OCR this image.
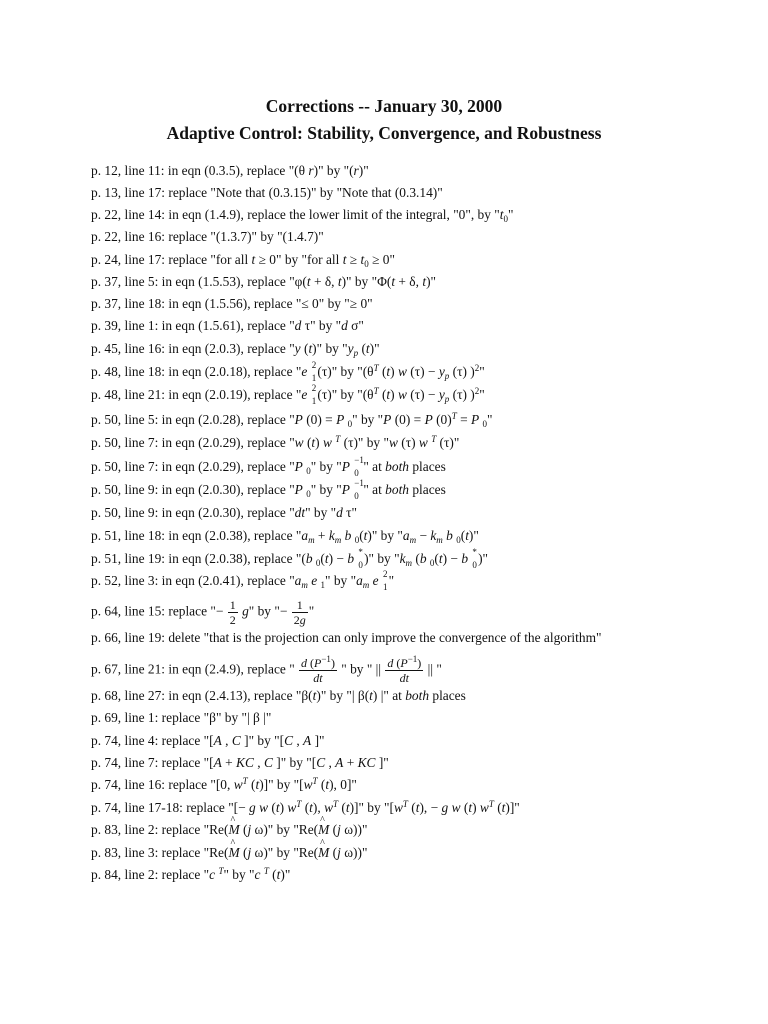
Corrections -- January 30, 2000
Adaptive Control: Stability, Convergence, and Robustness
p. 12, line 11: in eqn (0.3.5), replace "(θ r)" by "(r)"
p. 13, line 17: replace "Note that (0.3.15)" by "Note that (0.3.14)"
p. 22, line 14: in eqn (1.4.9), replace the lower limit of the integral, "0", by "$t_0$"
p. 22, line 16: replace "(1.3.7)" by "(1.4.7)"
p. 24, line 17: replace "for all t ≥ 0" by "for all $t \ge t_0 \ge 0$"
p. 37, line 5: in eqn (1.5.53), replace "φ(t + δ, t)" by "Φ(t + δ, t)"
p. 37, line 18: in eqn (1.5.56), replace "≤ 0" by "≥ 0"
p. 39, line 1: in eqn (1.5.61), replace "d τ" by "d σ"
p. 45, line 16: in eqn (2.0.3), replace "y (t)" by "$y_p$ (t)"
p. 48, line 18: in eqn (2.0.18), replace "e 2
1 (τ)" by "($\theta^T$ (t) w $(\tau) - y_p$ (τ) )$^2$"
p. 48, line 21: in eqn (2.0.19), replace "e 2
1 (τ)" by "($\theta^T$ (t) w $(\tau) - y_p$ (τ) )$^2$"
p. 50, line 5: in eqn (2.0.28), replace "P (0) = P $_0$" by "P (0) = P $(0)^T = P$ $_0$"
p. 50, line 7: in eqn (2.0.29), replace "w (t) w $^T$ (τ)" by "w (τ) w $^T$ (τ)"
p. 50, line 7: in eqn (2.0.29), replace "P $_0$" by "P −1
0 " at both places
p. 50, line 9: in eqn (2.0.30), replace "P $_0$" by "P −1
0 " at both places
p. 50, line 9: in eqn (2.0.30), replace "dt" by "d τ"
p. 51, line 18: in eqn (2.0.38), replace "$a_m + k_m$ b $_0$(t)" by "$a_m - k_m$ b $_0$(t)"
p. 51, line 19: in eqn (2.0.38), replace "(b $_0$(t) − b *
0 )" by "$k_m$ (b $_0$(t) − b *
0 )"
p. 52, line 3: in eqn (2.0.41), replace "$a_m$ e $_1$" by "$a_m$ e 2
1 "
p. 64, line 15: replace "− $\frac{1}{2} g$" by "− $\frac{1}{2g}$ "
p. 66, line 19: delete "that is the projection can only improve the convergence of the algorithm"
p. 67, line 21: in eqn (2.4.9), replace " $\frac{d (P^{-1})}{dt}$ " by " || $\frac{d (P^{-1})}{dt}$ || "
p. 68, line 27: in eqn (2.4.13), replace "β(t)" by "| β(t) |" at both places
p. 69, line 1: replace "β" by "| β |"
p. 74, line 4: replace "[A , C ]" by "[C , A ]"
p. 74, line 7: replace "[A + KC , C ]" by "[C , A + KC ]"
p. 74, line 16: replace "[0, $w^T$ (t)]" by "[$w^T$ (t), 0]"
p. 74, line 17-18: replace "[− g w (t) $w^T$ (t), $w^T$ (t)]" by "[$w^T$ (t), − g w (t) $w^T$ (t)]"
p. 83, line 2: replace "Re(^ M (j ω)" by "Re(^ M (j ω))"
p. 83, line 3: replace "Re(^ M (j ω)" by "Re(^ M (j ω))"
p. 84, line 2: replace "c $^T$" by "c $^T$ (t)"
